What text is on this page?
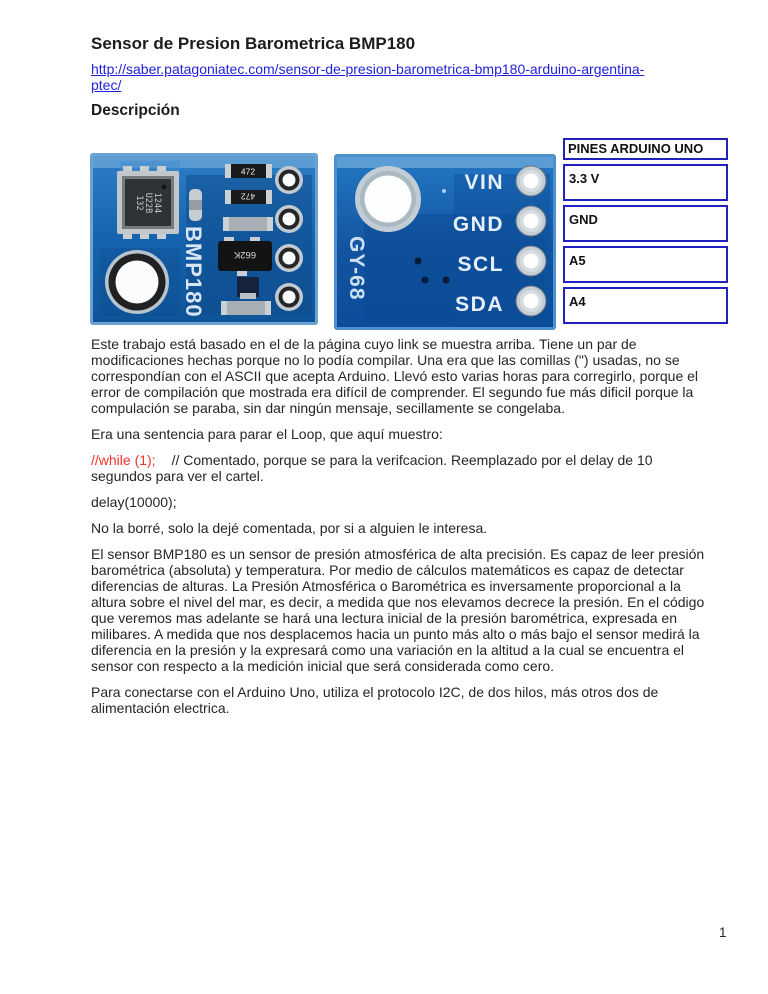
Sensor de Presion Barometrica BMP180
http://saber.patagoniatec.com/sensor-de-presion-barometrica-bmp180-arduino-argentina-
ptec/
Descripción
1244
U22B
132
BMP180
472
472
662K	GY-68
VIN
GND
SCL
SDA
PINES ARDUINO UNO
3.3 V
GND
A5
A4

Este trabajo está basado en el de la página cuyo link se muestra arriba. Tiene un par de modificaciones hechas porque no lo podía compilar. Una era que las comillas (") usadas, no se correspondían con el ASCII que acepta Arduino. Llevó esto varias horas para corregirlo, porque el error de compilación que mostrada era difícil de comprender. El segundo fue más dificil porque la compulación se paraba, sin dar ningún mensaje, secillamente se congelaba.

Era una sentencia para parar el Loop, que aquí muestro:

//while (1); // Comentado, porque se para la verifcacion. Reemplazado por el delay de 10 segundos para ver el cartel.

delay(10000);

No la borré, solo la dejé comentada, por si a alguien le interesa.

El sensor BMP180 es un sensor de presión atmosférica de alta precisión. Es capaz de leer presión barométrica (absoluta) y temperatura. Por medio de cálculos matemáticos es capaz de detectar diferencias de alturas. La Presión Atmosférica o Barométrica es inversamente proporcional a la altura sobre el nivel del mar, es decir, a medida que nos elevamos decrece la presión. En el código que veremos mas adelante se hará una lectura inicial de la presión barométrica, expresada en milibares. A medida que nos desplacemos hacia un punto más alto o más bajo el sensor medirá la diferencia en la presión y la expresará como una variación en la altitud a la cual se encuentra el sensor con respecto a la medición inicial que será considerada como cero.

Para conectarse con el Arduino Uno, utiliza el protocolo I2C, de dos hilos, más otros dos de alimentación electrica.

1
